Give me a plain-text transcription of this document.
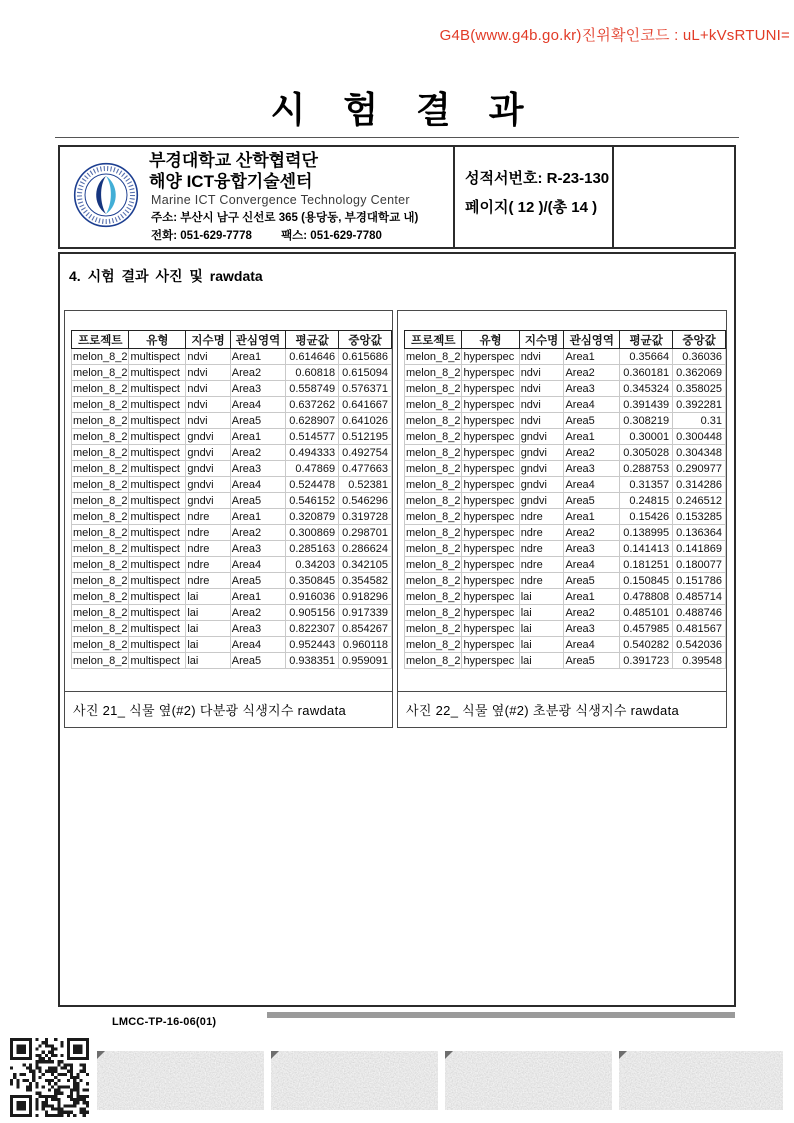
G4B(www.g4b.go.kr)진위확인코드 : uL+kVsRTUNI=
시 험 결 과
부경대학교 산학협력단
해양 ICT융합기술센터
Marine ICT Convergence Technology Center
주소: 부산시 남구 신선로 365 (용당동, 부경대학교 내)
전화: 051-629-7778	팩스: 051-629-7780
성적서번호: R-23-130
페이지( 12 )/(총 14 )
4. 시험 결과 사진 및 rawdata
프로젝트	유형	지수명	관심영역	평균값	중앙값
melon_8_2	multispect	ndvi	Area1	0.614646	0.615686
melon_8_2	multispect	ndvi	Area2	0.60818	0.615094
melon_8_2	multispect	ndvi	Area3	0.558749	0.576371
melon_8_2	multispect	ndvi	Area4	0.637262	0.641667
melon_8_2	multispect	ndvi	Area5	0.628907	0.641026
melon_8_2	multispect	gndvi	Area1	0.514577	0.512195
melon_8_2	multispect	gndvi	Area2	0.494333	0.492754
melon_8_2	multispect	gndvi	Area3	0.47869	0.477663
melon_8_2	multispect	gndvi	Area4	0.524478	0.52381
melon_8_2	multispect	gndvi	Area5	0.546152	0.546296
melon_8_2	multispect	ndre	Area1	0.320879	0.319728
melon_8_2	multispect	ndre	Area2	0.300869	0.298701
melon_8_2	multispect	ndre	Area3	0.285163	0.286624
melon_8_2	multispect	ndre	Area4	0.34203	0.342105
melon_8_2	multispect	ndre	Area5	0.350845	0.354582
melon_8_2	multispect	lai	Area1	0.916036	0.918296
melon_8_2	multispect	lai	Area2	0.905156	0.917339
melon_8_2	multispect	lai	Area3	0.822307	0.854267
melon_8_2	multispect	lai	Area4	0.952443	0.960118
melon_8_2	multispect	lai	Area5	0.938351	0.959091
사진 21_ 식물 옆(#2) 다분광 식생지수 rawdata
프로젝트	유형	지수명	관심영역	평균값	중앙값
melon_8_2	hyperspec	ndvi	Area1	0.35664	0.36036
melon_8_2	hyperspec	ndvi	Area2	0.360181	0.362069
melon_8_2	hyperspec	ndvi	Area3	0.345324	0.358025
melon_8_2	hyperspec	ndvi	Area4	0.391439	0.392281
melon_8_2	hyperspec	ndvi	Area5	0.308219	0.31
melon_8_2	hyperspec	gndvi	Area1	0.30001	0.300448
melon_8_2	hyperspec	gndvi	Area2	0.305028	0.304348
melon_8_2	hyperspec	gndvi	Area3	0.288753	0.290977
melon_8_2	hyperspec	gndvi	Area4	0.31357	0.314286
melon_8_2	hyperspec	gndvi	Area5	0.24815	0.246512
melon_8_2	hyperspec	ndre	Area1	0.15426	0.153285
melon_8_2	hyperspec	ndre	Area2	0.138995	0.136364
melon_8_2	hyperspec	ndre	Area3	0.141413	0.141869
melon_8_2	hyperspec	ndre	Area4	0.181251	0.180077
melon_8_2	hyperspec	ndre	Area5	0.150845	0.151786
melon_8_2	hyperspec	lai	Area1	0.478808	0.485714
melon_8_2	hyperspec	lai	Area2	0.485101	0.488746
melon_8_2	hyperspec	lai	Area3	0.457985	0.481567
melon_8_2	hyperspec	lai	Area4	0.540282	0.542036
melon_8_2	hyperspec	lai	Area5	0.391723	0.39548
사진 22_ 식물 옆(#2) 초분광 식생지수 rawdata
LMCC-TP-16-06(01)
